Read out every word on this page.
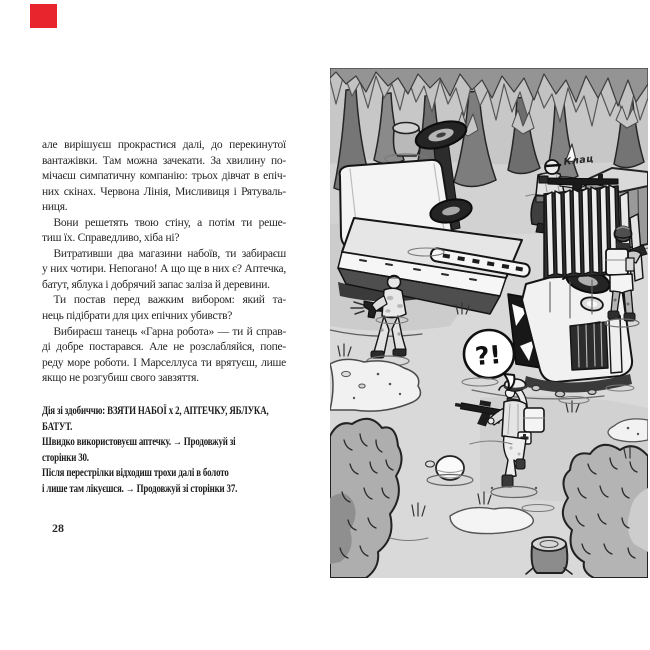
але вирішуєш прокрастися далі, до перекинутої
вантажівки. Там можна зачекати. За хвилину по-
мічаєш симпатичну компанію: трьох дівчат в епіч-
них скінах. Червона Лінія, Мисливиця і Рятуваль-
ниця.
Вони решетять твою стіну, а потім ти реше-
тиш їх. Справедливо, хіба ні?
Витративши два магазини набоїв, ти забираєш
у них чотири. Непогано! А що ще в них є? Аптечка,
батут, яблука і добрячий запас заліза й деревини.
Ти постав перед важким вибором: який та-
нець підібрати для цих епічних убивств?
Вибираєш танець «Гарна робота» — ти й справ-
ді добре постарався. Але не розслабляйся, попе-
реду море роботи. І Марселлуса ти врятуєш, лише
якщо не розгубиш свого завзяття.
Дія зі здобиччю: ВЗЯТИ НАБОЇ х 2, АПТЕЧКУ, ЯБЛУКА,
БАТУТ.
Швидко використовуєш аптечку. → Продовжуй зі
сторінки 30.
Після перестрілки відходиш трохи далі в болото
і лише там лікуєшся. → Продовжуй зі сторінки 37.
28
Клац
?!
